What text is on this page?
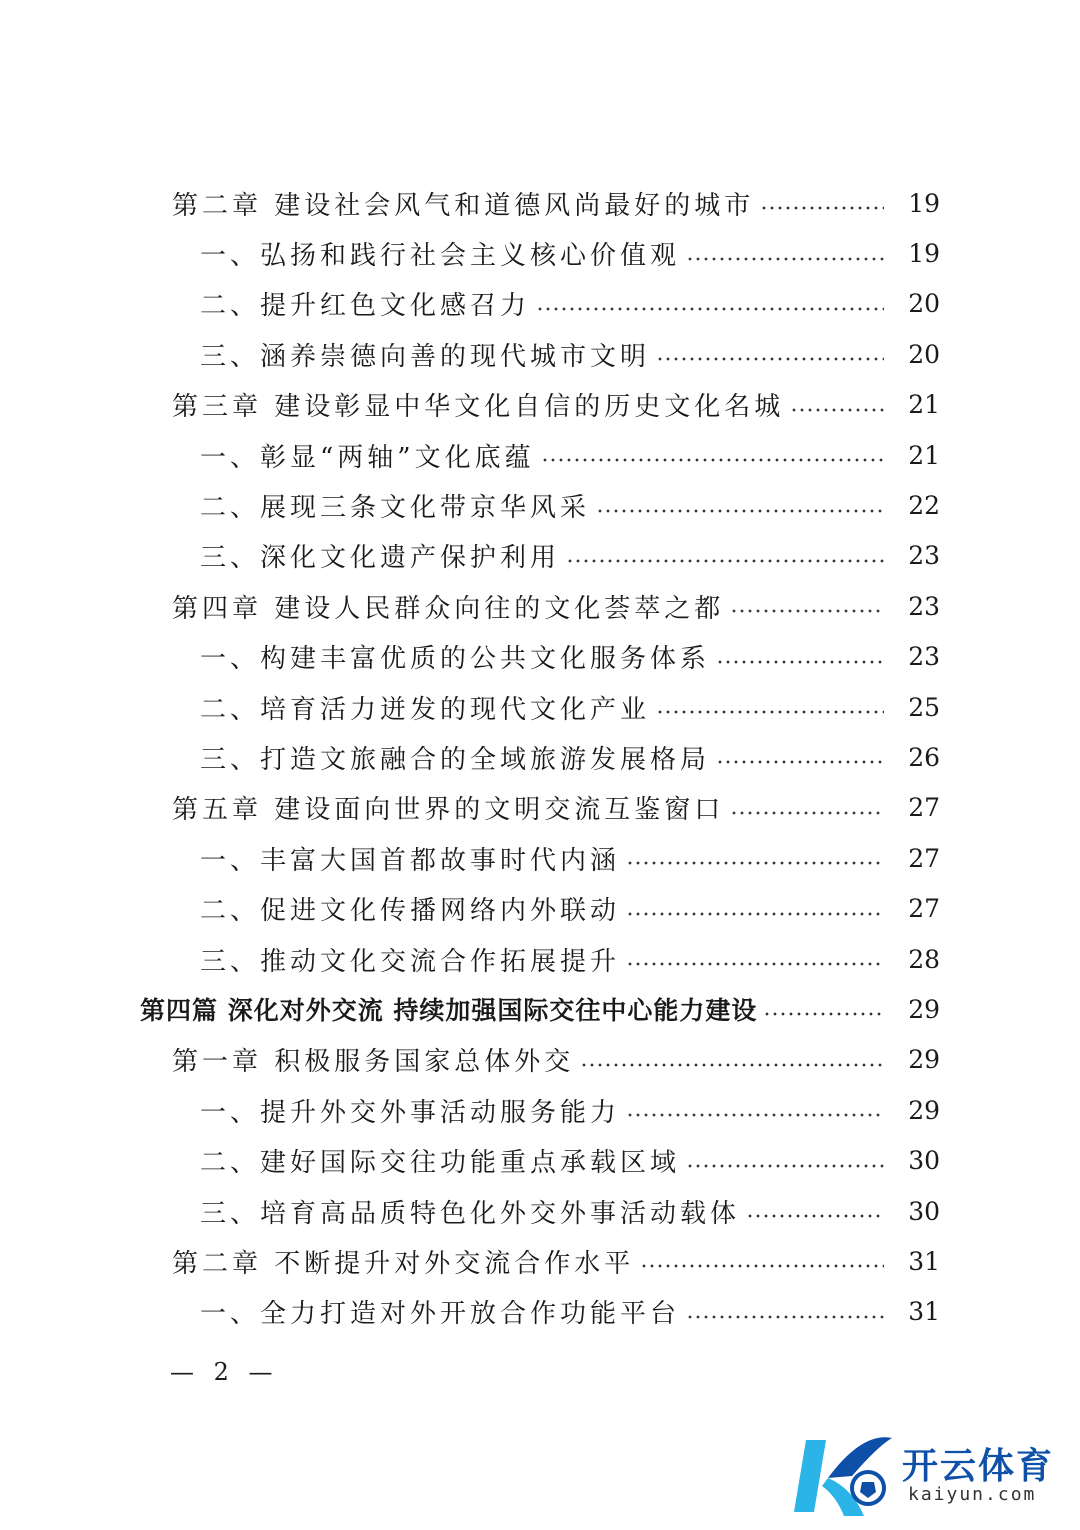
第二章 建设社会风气和道德风尚最好的城市	19
一、弘扬和践行社会主义核心价值观	19
二、提升红色文化感召力	20
三、涵养崇德向善的现代城市文明	20
第三章 建设彰显中华文化自信的历史文化名城	21
一、彰显“两轴”文化底蕴	21
二、展现三条文化带京华风采	22
三、深化文化遗产保护利用	23
第四章 建设人民群众向往的文化荟萃之都	23
一、构建丰富优质的公共文化服务体系	23
二、培育活力迸发的现代文化产业	25
三、打造文旅融合的全域旅游发展格局	26
第五章 建设面向世界的文明交流互鉴窗口	27
一、丰富大国首都故事时代内涵	27
二、促进文化传播网络内外联动	27
三、推动文化交流合作拓展提升	28
第四篇 深化对外交流 持续加强国际交往中心能力建设	29
第一章 积极服务国家总体外交	29
一、提升外交外事活动服务能力	29
二、建好国际交往功能重点承载区域	30
三、培育高品质特色化外交外事活动载体	30
第二章 不断提升对外交流合作水平	31
一、全力打造对外开放合作功能平台	31
— 2 —
开云体育
kaiyun.com
